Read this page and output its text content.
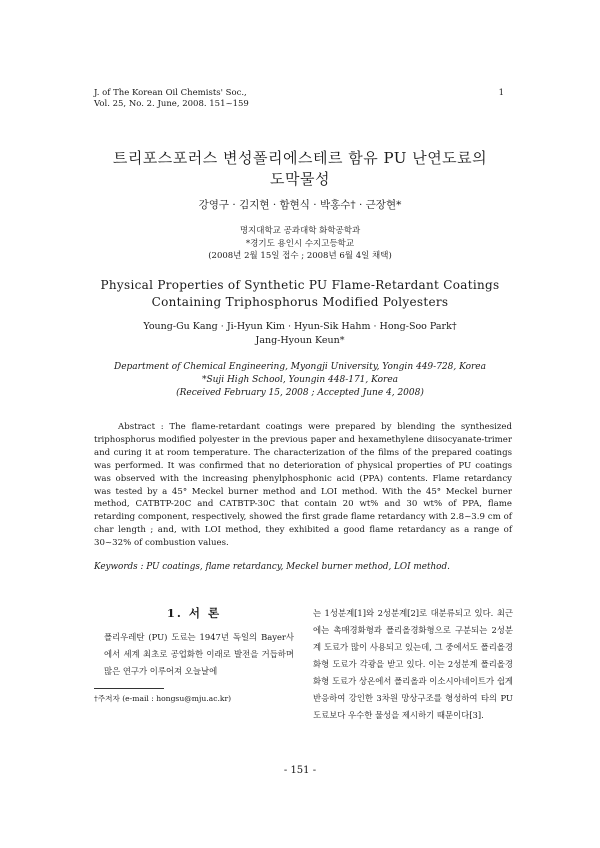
J. of The Korean Oil Chemists' Soc.,
Vol. 25, No. 2. June, 2008. 151~159
1
트리포스포러스 변성폴리에스테르 함유 PU 난연도료의
도막물성
강영구 · 김지현 · 함현식 · 박홍수† · 근장현*
명지대학교 공과대학 화학공학과
*경기도 용인시 수지고등학교
(2008년 2월 15일 접수 ; 2008년 6월 4일 채택)
Physical Properties of Synthetic PU Flame-Retardant Coatings
Containing Triphosphorus Modified Polyesters
Young-Gu Kang · Ji-Hyun Kim · Hyun-Sik Hahm · Hong-Soo Park†
Jang-Hyoun Keun*
Department of Chemical Engineering, Myongji University, Yongin 449-728, Korea
*Suji High School, Youngin 448-171, Korea
(Received February 15, 2008 ; Accepted June 4, 2008)
Abstract : The flame-retardant coatings were prepared by blending the synthesized triphosphorus modified polyester in the previous paper and hexamethylene diisocyanate-trimer and curing it at room temperature. The characterization of the films of the prepared coatings was performed. It was confirmed that no deterioration of physical properties of PU coatings was observed with the increasing phenylphosphonic acid (PPA) contents. Flame retardancy was tested by a 45° Meckel burner method and LOI method. With the 45° Meckel burner method, CATBTP-20C and CATBTP-30C that contain 20 wt% and 30 wt% of PPA, flame retarding component, respectively, showed the first grade flame retardancy with 2.8~3.9 cm of char length ; and, with LOI method, they exhibited a good flame retardancy as a range of 30~32% of combustion values.
Keywords : PU coatings, flame retardancy, Meckel burner method, LOI method.
1. 서 론
폴리우레탄 (PU) 도료는 1947년 독일의 Bayer사에서 세계 최초로 공업화한 이래로 발전을 거듭하며 많은 연구가 이루어져 오늘날에
는 1성분계[1]와 2성분계[2]로 대분류되고 있다. 최근에는 촉매경화형과 폴리올경화형으로 구분되는 2성분계 도료가 많이 사용되고 있는데, 그 중에서도 폴리올경화형 도료가 각광을 받고 있다. 이는 2성분계 폴리올경화형 도료가 상온에서 폴리올과 이소시아네이트가 쉽게 반응하여 강인한 3차원 망상구조를 형성하여 타의 PU 도료보다 우수한 물성을 제시하기 때문이다[3].
†주저자 (e-mail : hongsu@mju.ac.kr)
- 151 -
